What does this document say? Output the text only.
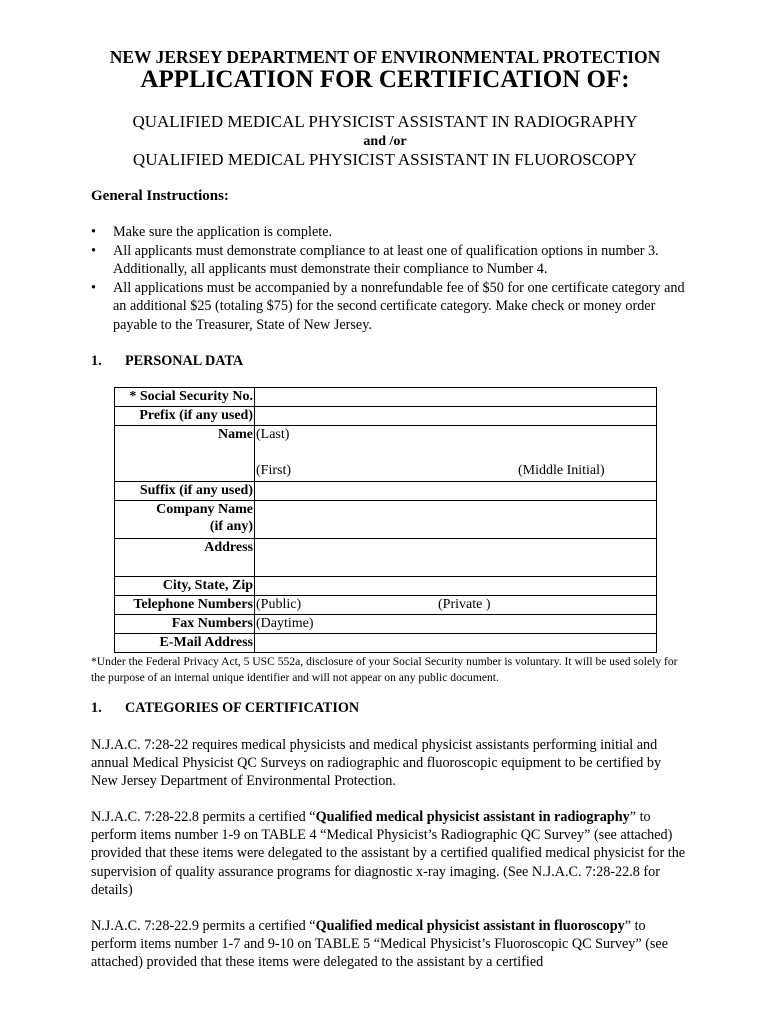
NEW JERSEY DEPARTMENT OF ENVIRONMENTAL PROTECTION
APPLICATION FOR CERTIFICATION OF:
QUALIFIED MEDICAL PHYSICIST ASSISTANT IN RADIOGRAPHY
and /or
QUALIFIED MEDICAL PHYSICIST ASSISTANT IN FLUOROSCOPY
General Instructions:
• Make sure the application is complete.
• All applicants must demonstrate compliance to at least one of qualification options in number 3. Additionally, all applicants must demonstrate their compliance to Number 4.
• All applications must be accompanied by a nonrefundable fee of $50 for one certificate category and an additional $25 (totaling $75) for the second certificate category. Make check or money order payable to the Treasurer, State of New Jersey.
1. PERSONAL DATA
* Social Security No.	
Prefix (if any used)	
Name	(Last)
(First) (Middle Initial)

Suffix (if any used)	

Company Name
(if any)	

Address	
City, State, Zip	
Telephone Numbers	(Public) (Private )

Fax Numbers	(Daytime)
E-Mail Address	
*Under the Federal Privacy Act, 5 USC 552a, disclosure of your Social Security number is voluntary. It will be used solely for the purpose of an internal unique identifier and will not appear on any public document.
1. CATEGORIES OF CERTIFICATION
N.J.A.C. 7:28-22 requires medical physicists and medical physicist assistants performing initial and annual Medical Physicist QC Surveys on radiographic and fluoroscopic equipment to be certified by New Jersey Department of Environmental Protection.
N.J.A.C. 7:28-22.8 permits a certified “Qualified medical physicist assistant in radiography” to perform items number 1-9 on TABLE 4 “Medical Physicist’s Radiographic QC Survey” (see attached) provided that these items were delegated to the assistant by a certified qualified medical physicist for the supervision of quality assurance programs for diagnostic x-ray imaging. (See N.J.A.C. 7:28-22.8 for details)
N.J.A.C. 7:28-22.9 permits a certified “Qualified medical physicist assistant in fluoroscopy” to perform items number 1-7 and 9-10 on TABLE 5 “Medical Physicist’s Fluoroscopic QC Survey” (see attached) provided that these items were delegated to the assistant by a certified
